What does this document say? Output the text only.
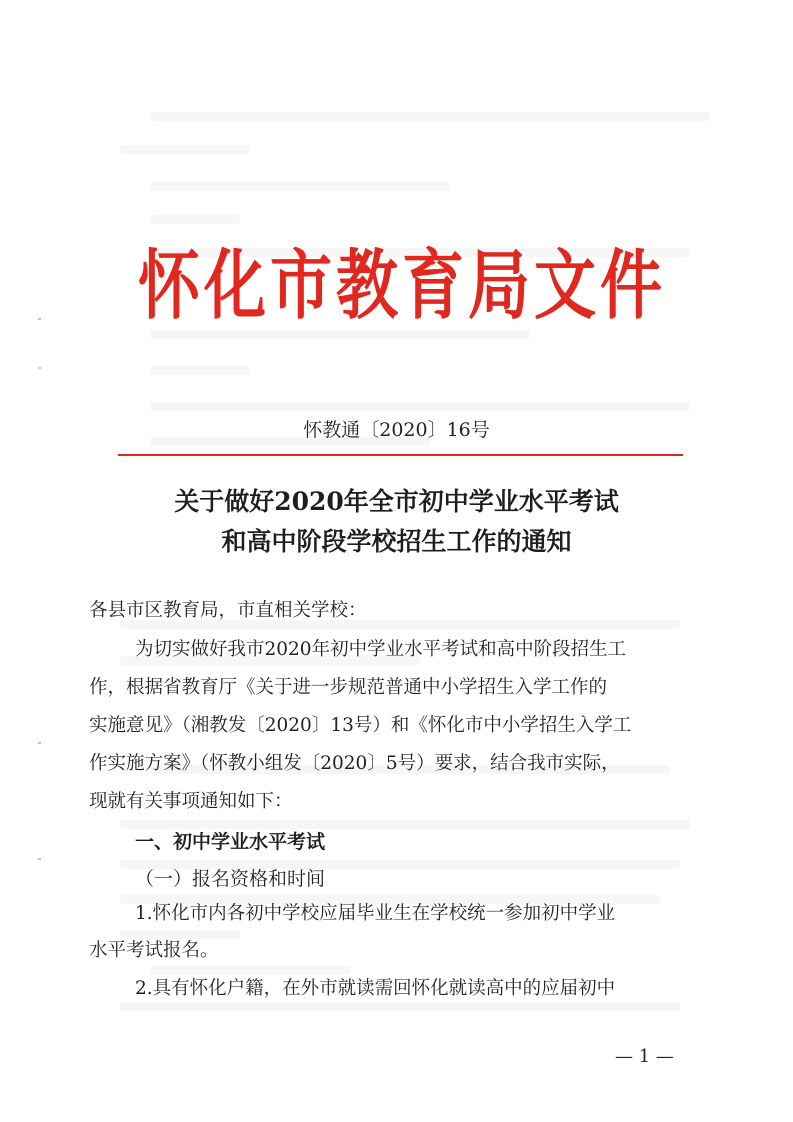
怀化市教育局文件
怀教通〔2020〕16号
关于做好2020年全市初中学业水平考试
和高中阶段学校招生工作的通知
各县市区教育局，市直相关学校：
为切实做好我市2020年初中学业水平考试和高中阶段招生工
作，根据省教育厅《关于进一步规范普通中小学招生入学工作的
实施意见》（湘教发〔2020〕13号）和《怀化市中小学招生入学工
作实施方案》（怀教小组发〔2020〕5号）要求，结合我市实际，
现就有关事项通知如下：
一、初中学业水平考试
（一）报名资格和时间
1.怀化市内各初中学校应届毕业生在学校统一参加初中学业
水平考试报名。
2.具有怀化户籍，在外市就读需回怀化就读高中的应届初中
— 1 —
